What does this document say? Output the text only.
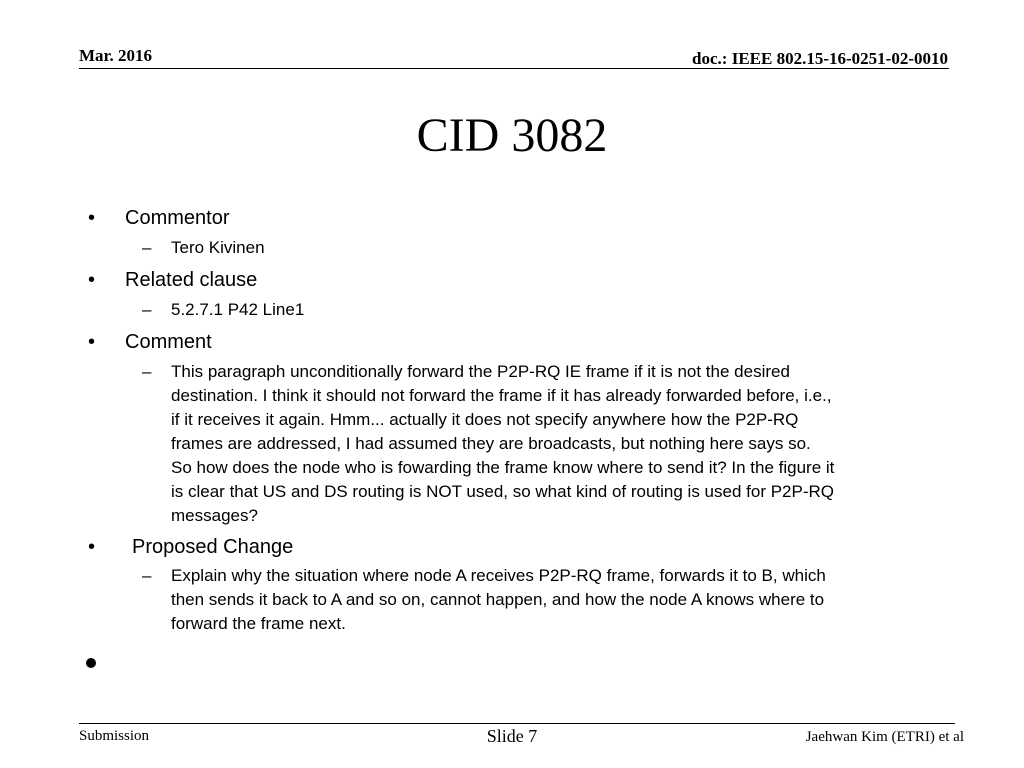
Mar. 2016	doc.: IEEE 802.15-16-0251-02-0010
CID 3082
• Commentor
– Tero Kivinen
• Related clause
– 5.2.7.1 P42 Line1
• Comment
– This paragraph unconditionally forward the P2P-RQ IE frame if it is not the desired
destination. I think it should not forward the frame if it has already forwarded before, i.e.,
if it receives it again. Hmm... actually it does not specify anywhere how the P2P-RQ
frames are addressed, I had assumed they are broadcasts, but nothing here says so.
So how does the node who is fowarding the frame know where to send it? In the figure it
is clear that US and DS routing is NOT used, so what kind of routing is used for P2P-RQ
messages?
• Proposed Change
– Explain why the situation where node A receives P2P-RQ frame, forwards it to B, which
then sends it back to A and so on, cannot happen, and how the node A knows where to
forward the frame next.
Submission	Slide 7	Jaehwan Kim (ETRI) et al
